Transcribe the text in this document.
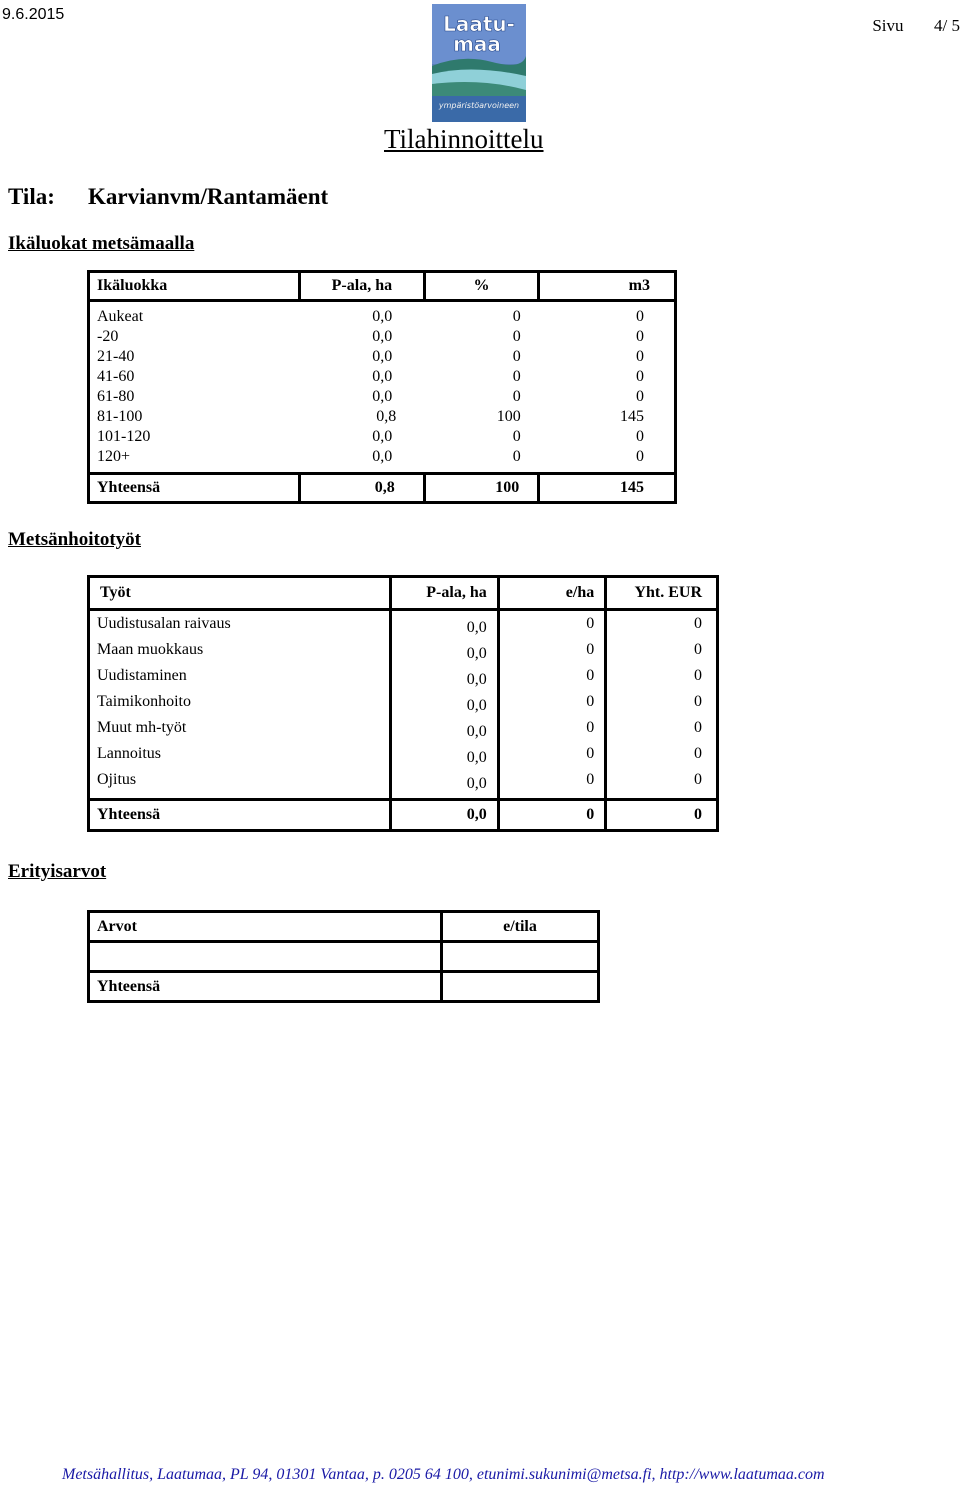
9.6.2015
Sivu 4/ 5
Laatu-
maa
ympäristöarvoineen
Tilahinnoittelu
Tila: Karvianvm/Rantamäent
Ikäluokat metsämaalla
Ikäluokka	P-ala, ha	%	m3

Aukeat	0,0	0	0
-20	0,0	0	0
21-40	0,0	0	0
41-60	0,0	0	0
61-80	0,0	0	0
81-100	0,8	100	145
101-120	0,0	0	0
120+	0,0	0	0

Yhteensä	0,8	100	145
Metsänhoitotyöt
Työt	P-ala, ha	e/ha	Yht. EUR
Uudistusalan raivaus	0,0	0	0
Maan muokkaus	0,0	0	0
Uudistaminen	0,0	0	0
Taimikonhoito	0,0	0	0
Muut mh-työt	0,0	0	0
Lannoitus	0,0	0	0
Ojitus	0,0	0	0

Yhteensä	0,0	0	0
Erityisarvot
Arvot	e/tila

Yhteensä	
Metsähallitus, Laatumaa, PL 94, 01301 Vantaa, p. 0205 64 100, etunimi.sukunimi@metsa.fi, http://www.laatumaa.com
